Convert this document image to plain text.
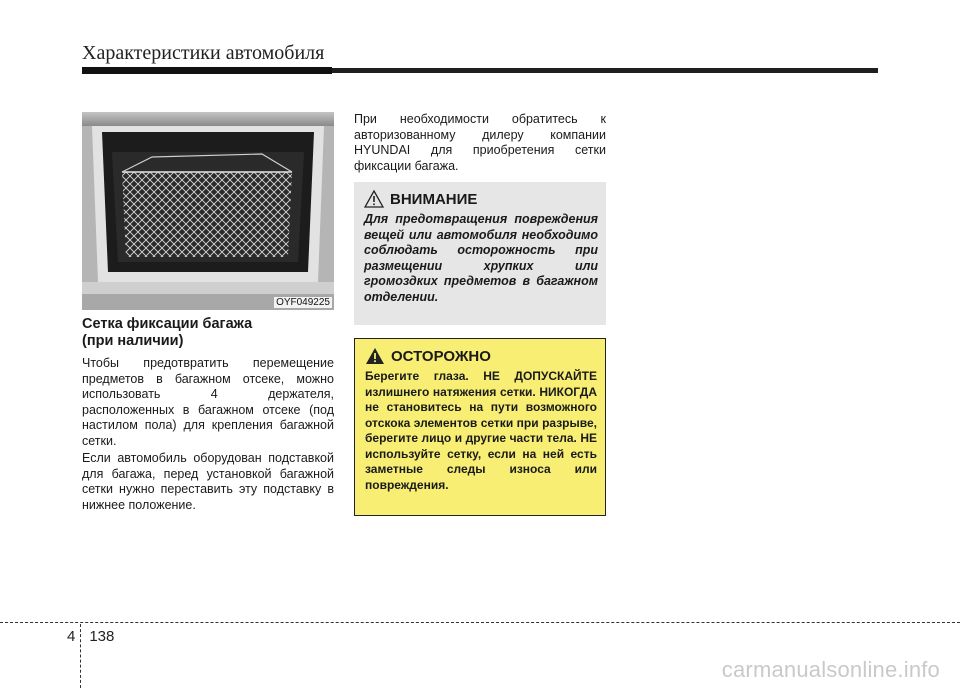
Характеристики автомобиля
OYF049225
Сетка фиксации багажа
(при наличии)

Чтобы предотвратить перемещение предметов в багажном отсеке, можно использовать 4 держателя, расположенных в багажном отсеке (под настилом пола) для крепления багажной сетки.

Если автомобиль оборудован подставкой для багажа, перед установкой багажной сетки нужно переставить эту подставку в нижнее положение.

При необходимости обратитесь к авторизованному дилеру компании HYUNDAI для приобретения сетки фиксации багажа.

ВНИМАНИЕ
Для предотвращения повреждения вещей или автомобиля необходимо соблюдать осторожность при размещении хрупких или громоздких предметов в багажном отделении.
ОСТОРОЖНО
Берегите глаза. НЕ ДОПУСКАЙТЕ излишнего натяжения сетки. НИКОГДА не становитесь на пути возможного отскока элементов сетки при разрыве, берегите лицо и другие части тела. НЕ используйте сетку, если на ней есть заметные следы износа или повреждения.
4 138
carmanualsonline.info
